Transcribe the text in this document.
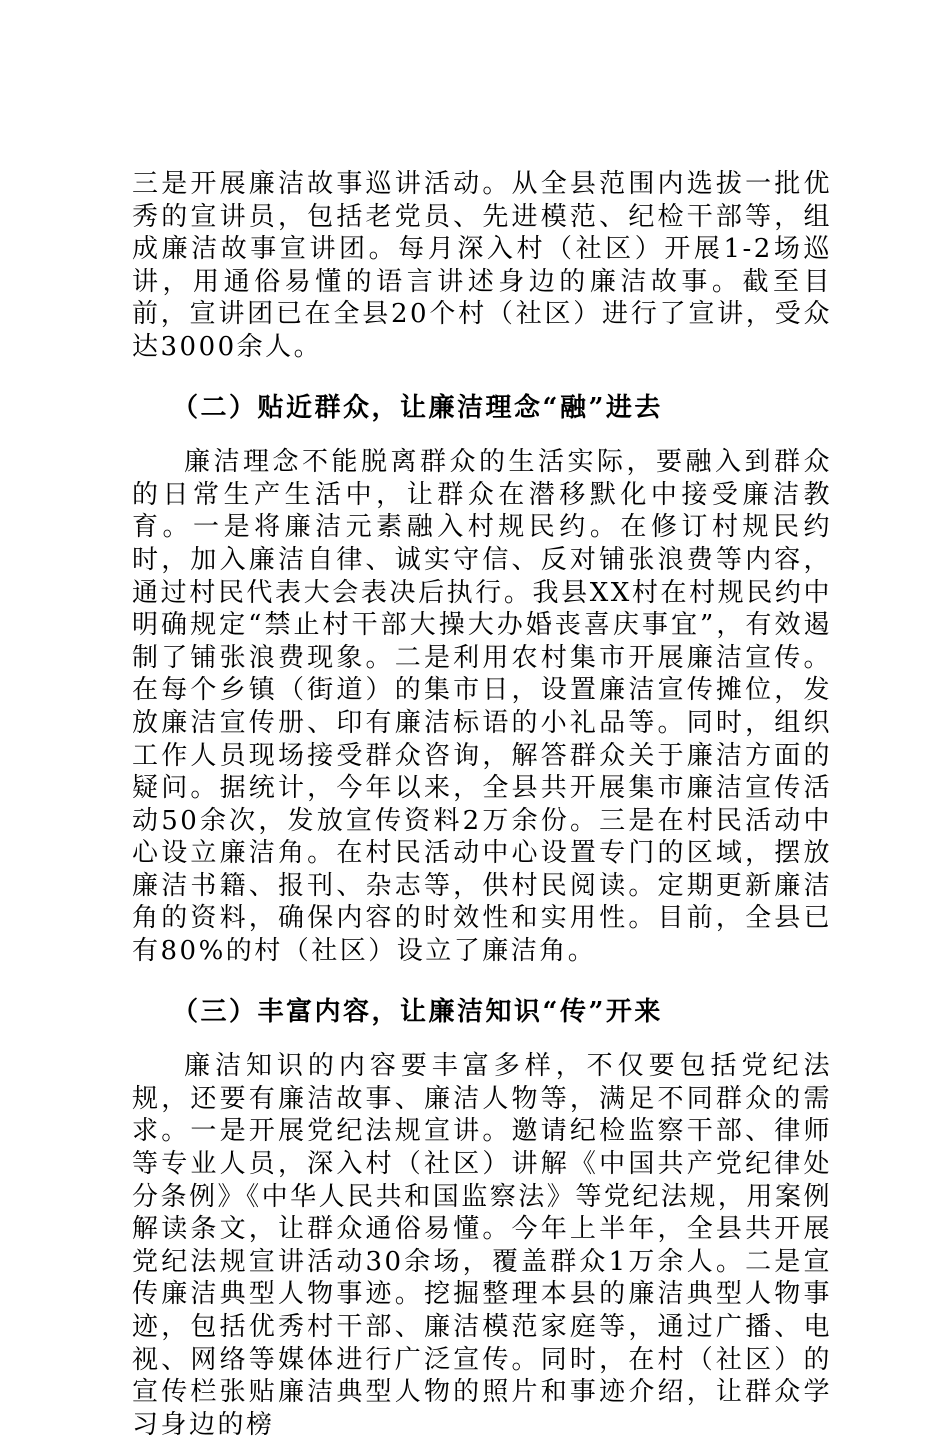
三是开展廉洁故事巡讲活动。从全县范围内选拔一批优秀的宣讲员，包括老党员、先进模范、纪检干部等，组成廉洁故事宣讲团。每月深入村（社区）开展1-2场巡讲，用通俗易懂的语言讲述身边的廉洁故事。截至目前，宣讲团已在全县20个村（社区）进行了宣讲，受众达3000余人。

（二）贴近群众，让廉洁理念“融”进去

廉洁理念不能脱离群众的生活实际，要融入到群众的日常生产生活中，让群众在潜移默化中接受廉洁教育。一是将廉洁元素融入村规民约。在修订村规民约时，加入廉洁自律、诚实守信、反对铺张浪费等内容，通过村民代表大会表决后执行。我县XX村在村规民约中明确规定“禁止村干部大操大办婚丧喜庆事宜”，有效遏制了铺张浪费现象。二是利用农村集市开展廉洁宣传。在每个乡镇（街道）的集市日，设置廉洁宣传摊位，发放廉洁宣传册、印有廉洁标语的小礼品等。同时，组织工作人员现场接受群众咨询，解答群众关于廉洁方面的疑问。据统计，今年以来，全县共开展集市廉洁宣传活动50余次，发放宣传资料2万余份。三是在村民活动中心设立廉洁角。在村民活动中心设置专门的区域，摆放廉洁书籍、报刊、杂志等，供村民阅读。定期更新廉洁角的资料，确保内容的时效性和实用性。目前，全县已有80%的村（社区）设立了廉洁角。

（三）丰富内容，让廉洁知识“传”开来

廉洁知识的内容要丰富多样，不仅要包括党纪法规，还要有廉洁故事、廉洁人物等，满足不同群众的需求。一是开展党纪法规宣讲。邀请纪检监察干部、律师等专业人员，深入村（社区）讲解《中国共产党纪律处分条例》《中华人民共和国监察法》等党纪法规，用案例解读条文，让群众通俗易懂。今年上半年，全县共开展党纪法规宣讲活动30余场，覆盖群众1万余人。二是宣传廉洁典型人物事迹。挖掘整理本县的廉洁典型人物事迹，包括优秀村干部、廉洁模范家庭等，通过广播、电视、网络等媒体进行广泛宣传。同时，在村（社区）的宣传栏张贴廉洁典型人物的照片和事迹介绍，让群众学习身边的榜
